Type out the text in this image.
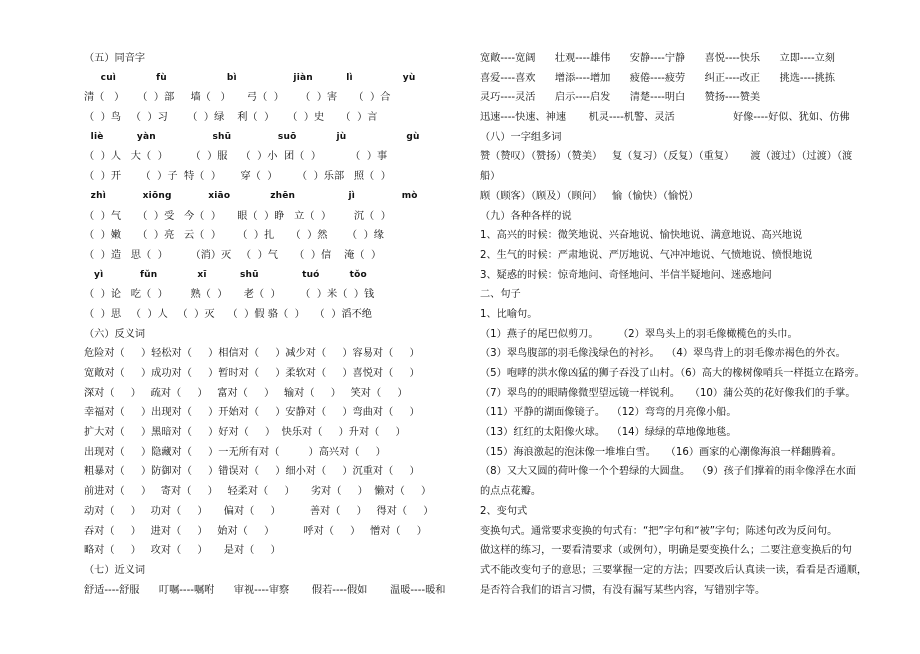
（五）同音字
cuì            fù                  bì                 jiàn          lì               yù
清（   ）    （  ）部     墙（   ）     弓（  ）     （  ）害     （  ）合
（  ）鸟   （  ）习      （  ）绿    利（  ）    （  ）史     （  ）言
liè          yàn                 shū              suō            jù                  gù
（  ）人   大（  ）       （  ）服    （  ）小  团（  ）         （  ）事
（  ）开      （  ）子  特（  ）      穿（  ）      （  ）乐部   照（  ）
zhì           xiōng           xiāo            zhēn                jì              mò
（  ）气     （  ）受   今（  ）     眼（  ）睁   立（  ）       沉（  ）
（  ）嫩     （  ）亮   云（  ）     （  ）扎     （  ）然      （  ）缘
（  ）造   思（  ）       （消）灭   （  ）气     （  ）信    淹（  ）
yì           fǔn            xī          shū             tuó         tǒo
（  ）论   吃（  ）       熟（  ）     老（  ）      （  ）米（  ）钱
（  ）思   （  ）人   （  ）灭    （  ）假 骆（  ）   （  ）滔不绝
（六）反义词
危险对（     ）轻松对（     ）相信对（     ）减少对（     ）容易对（     ）
宽敞对（     ）成功对（     ）暂时对（     ）柔软对（     ）喜悦对（     ）
深对（     ）   疏对（     ）   富对（     ）   输对（     ）   笑对（     ）
幸福对（     ）出现对（     ）开始对（     ）安静对（     ）弯曲对（     ）
扩大对（     ）黑暗对（     ）好对（     ）  快乐对（     ）升对（     ）
出现对（     ）隐藏对（     ）一无所有对（         ）高兴对（     ）
粗暴对（     ）防御对（     ）错误对（     ）细小对（     ）沉重对（     ）
前进对（     ）   寄对（     ）   轻柔对（     ）     劣对（     ）  懒对（     ）
动对（     ）   功对（     ）     偏对（     ）         善对（     ）   得对（     ）
吞对（     ）   进对（     ）   始对（     ）         呼对（     ）   憎对（     ）
略对（     ）   攻对（     ）     是对（     ）
（七）近义词
舒适----舒服      叮嘱----嘱咐      审视----审察       假若----假如       温暖----暖和
宽敞----宽阔      壮观----雄伟      安静----宁静      喜悦----快乐      立即----立刻
喜爱----喜欢      增添----增加      疲倦----疲劳      纠正----改正      挑选----挑拣
灵巧----灵活      启示----启发      清楚----明白      赞扬----赞美
迅速----快速、神速       机灵----机警、灵活                  好像----好似、犹如、仿佛
（八）一字组多词
赞（赞叹）（赞扬）（赞美）   复（复习）（反复）（重复）     渡（渡过）（过渡）（渡
船）
顾（顾客）（顾及）（顾问）   愉（愉快）（愉悦）
（九）各种各样的说
1、高兴的时候：微笑地说、兴奋地说、愉快地说、满意地说、高兴地说
2、生气的时候：严肃地说、严厉地说、气冲冲地说、气愤地说、愤恨地说
3、疑惑的时候：惊奇地问、奇怪地问、半信半疑地问、迷惑地问
二、句子
1、比喻句。
（1）燕子的尾巴似剪刀。      （2）翠鸟头上的羽毛像橄榄色的头巾。
（3）翠鸟腹部的羽毛像浅绿色的衬衫。  （4）翠鸟背上的羽毛像赤褐色的外衣。
（5）咆哮的洪水像凶猛的狮子吞没了山村。（6）高大的橡树像哨兵一样挺立在路旁。
（7）翠鸟的的眼睛像微型望远镜一样锐利。   （10）蒲公英的花好像我们的手掌。
（11）平静的湖面像镜子。  （12）弯弯的月亮像小船。
（13）红红的太阳像火球。  （14）绿绿的草地像地毯。
（15）海浪激起的泡沫像一堆堆白雪。   （16）画家的心潮像海浪一样翻腾着。
（8）又大又圆的荷叶像一个个碧绿的大圆盘。  （9）孩子们撑着的雨伞像浮在水面
的点点花瓣。
2、变句式
变换句式。通常要求变换的句式有：“把”字句和“被”字句；陈述句改为反问句。
做这样的练习，一要看清要求（或例句），明确是要变换什么；二要注意变换后的句
式不能改变句子的意思；三要掌握一定的方法；四要改后认真读一读，看看是否通顺，
是否符合我们的语言习惯，有没有漏写某些内容，写错别字等。
